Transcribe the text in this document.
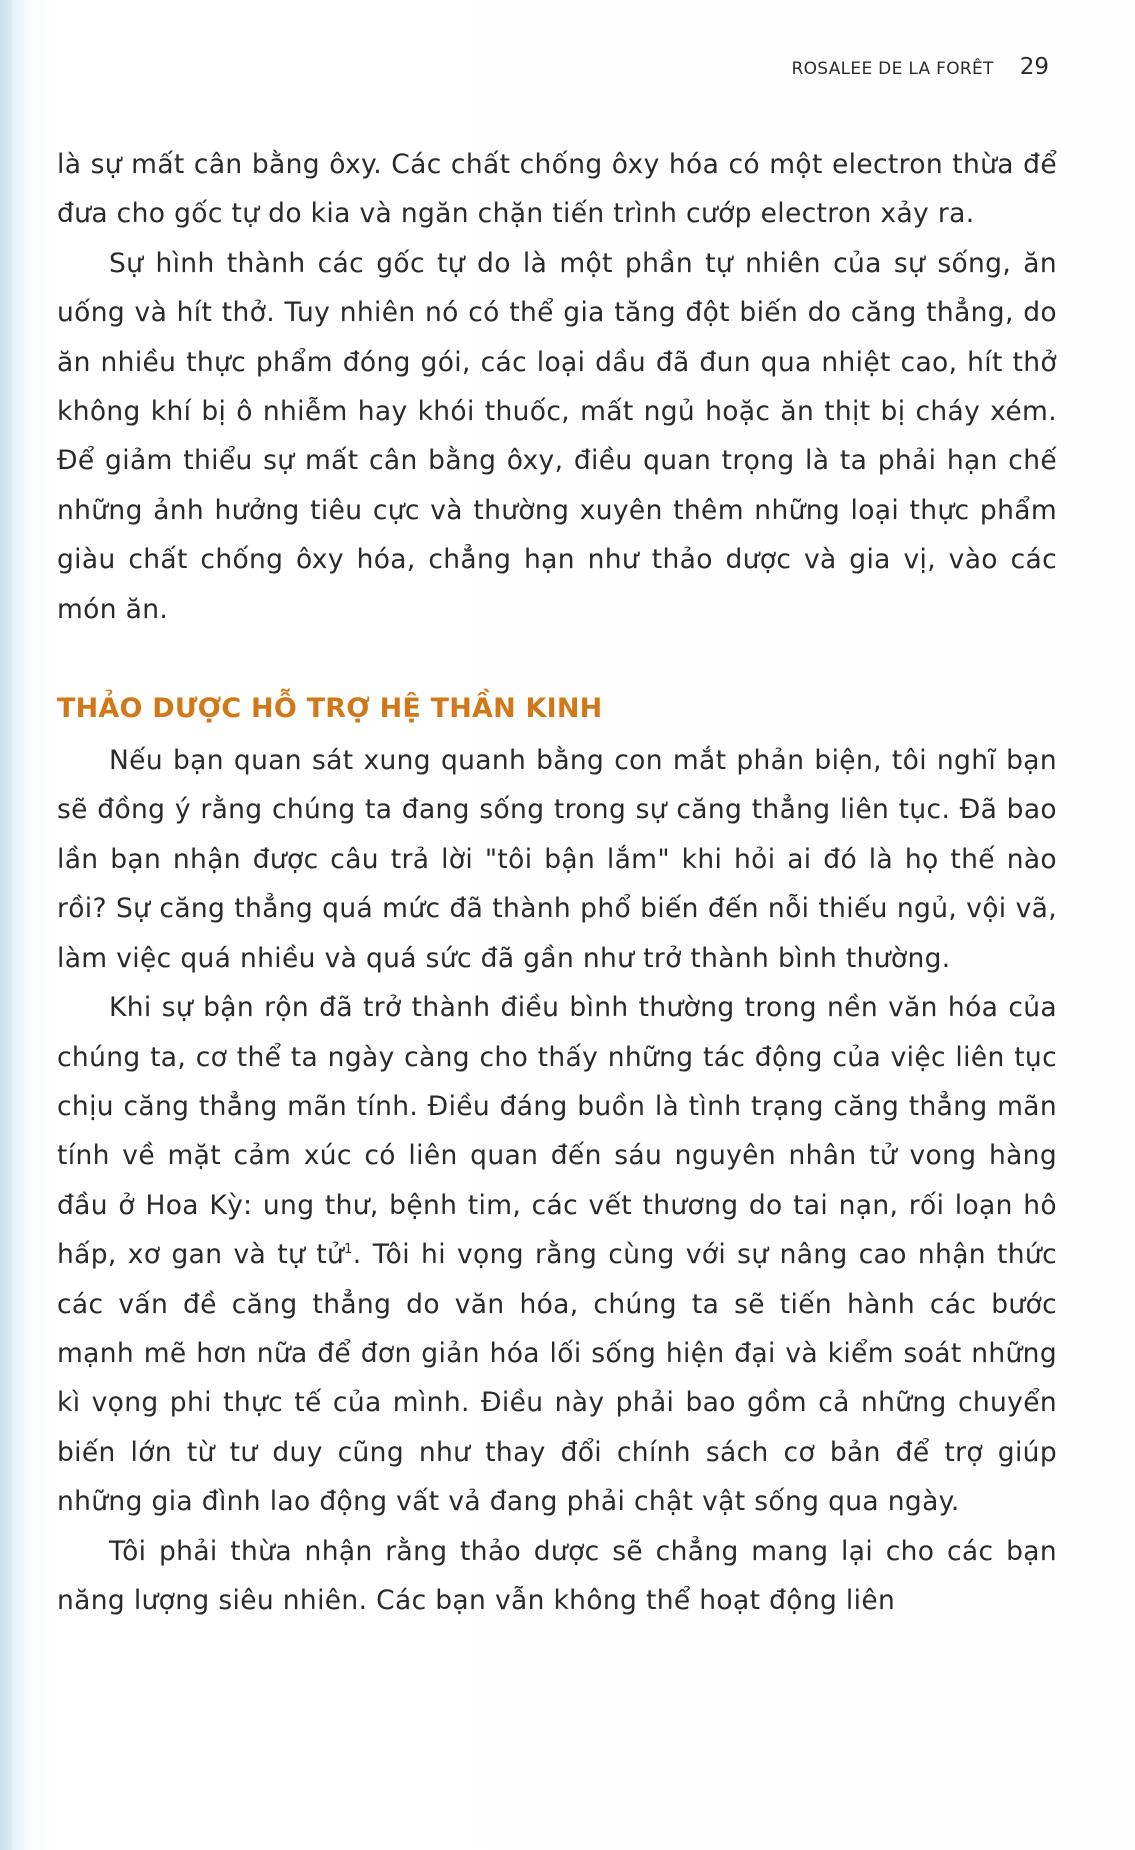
ROSALEE DE LA FORÊT 29

là sự mất cân bằng ôxy. Các chất chống ôxy hóa có một electron thừa để đưa cho gốc tự do kia và ngăn chặn tiến trình cướp electron xảy ra.

Sự hình thành các gốc tự do là một phần tự nhiên của sự sống, ăn uống và hít thở. Tuy nhiên nó có thể gia tăng đột biến do căng thẳng, do ăn nhiều thực phẩm đóng gói, các loại dầu đã đun qua nhiệt cao, hít thở không khí bị ô nhiễm hay khói thuốc, mất ngủ hoặc ăn thịt bị cháy xém. Để giảm thiểu sự mất cân bằng ôxy, điều quan trọng là ta phải hạn chế những ảnh hưởng tiêu cực và thường xuyên thêm những loại thực phẩm giàu chất chống ôxy hóa, chẳng hạn như thảo dược và gia vị, vào các món ăn.

THẢO DƯỢC HỖ TRỢ HỆ THẦN KINH

Nếu bạn quan sát xung quanh bằng con mắt phản biện, tôi nghĩ bạn sẽ đồng ý rằng chúng ta đang sống trong sự căng thẳng liên tục. Đã bao lần bạn nhận được câu trả lời "tôi bận lắm" khi hỏi ai đó là họ thế nào rồi? Sự căng thẳng quá mức đã thành phổ biến đến nỗi thiếu ngủ, vội vã, làm việc quá nhiều và quá sức đã gần như trở thành bình thường.

Khi sự bận rộn đã trở thành điều bình thường trong nền văn hóa của chúng ta, cơ thể ta ngày càng cho thấy những tác động của việc liên tục chịu căng thẳng mãn tính. Điều đáng buồn là tình trạng căng thẳng mãn tính về mặt cảm xúc có liên quan đến sáu nguyên nhân tử vong hàng đầu ở Hoa Kỳ: ung thư, bệnh tim, các vết thương do tai nạn, rối loạn hô hấp, xơ gan và tự tử$^1$. Tôi hi vọng rằng cùng với sự nâng cao nhận thức các vấn đề căng thẳng do văn hóa, chúng ta sẽ tiến hành các bước mạnh mẽ hơn nữa để đơn giản hóa lối sống hiện đại và kiểm soát những kì vọng phi thực tế của mình. Điều này phải bao gồm cả những chuyển biến lớn từ tư duy cũng như thay đổi chính sách cơ bản để trợ giúp những gia đình lao động vất vả đang phải chật vật sống qua ngày.

Tôi phải thừa nhận rằng thảo dược sẽ chẳng mang lại cho các bạn năng lượng siêu nhiên. Các bạn vẫn không thể hoạt động liên
